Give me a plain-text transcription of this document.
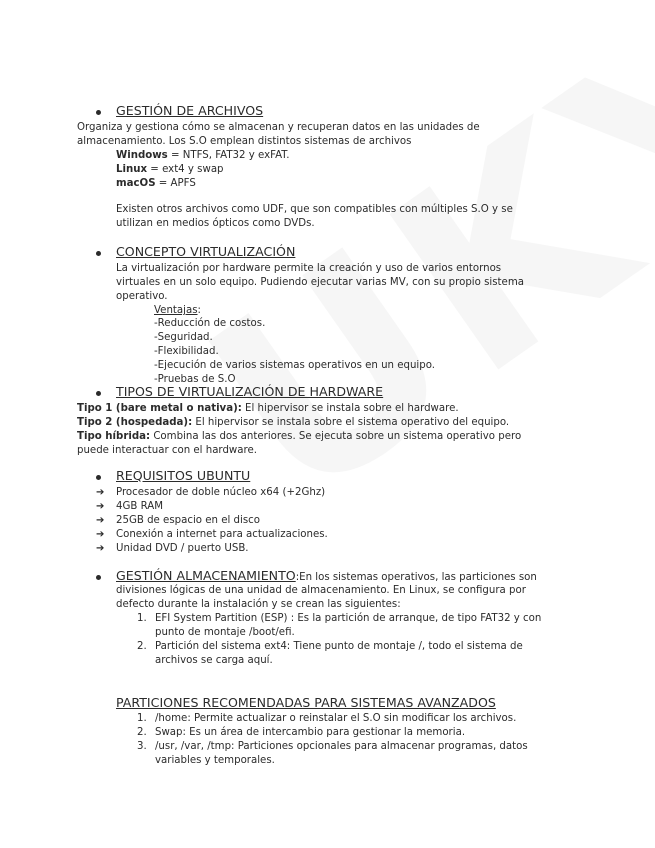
GESTIÓN DE ARCHIVOS
Organiza y gestiona cómo se almacenan y recuperan datos en las unidades de
almacenamiento. Los S.O emplean distintos sistemas de archivos
Windows = NTFS, FAT32 y exFAT.
Linux = ext4 y swap
macOS = APFS
Existen otros archivos como UDF, que son compatibles con múltiples S.O y se
utilizan en medios ópticos como DVDs.
CONCEPTO VIRTUALIZACIÓN
La virtualización por hardware permite la creación y uso de varios entornos
virtuales en un solo equipo. Pudiendo ejecutar varias MV, con su propio sistema
operativo.
Ventajas:
-Reducción de costos.
-Seguridad.
-Flexibilidad.
-Ejecución de varios sistemas operativos en un equipo.
-Pruebas de S.O
TIPOS DE VIRTUALIZACIÓN DE HARDWARE
Tipo 1 (bare metal o nativa): El hipervisor se instala sobre el hardware.
Tipo 2 (hospedada): El hipervisor se instala sobre el sistema operativo del equipo.
Tipo híbrida: Combina las dos anteriores. Se ejecuta sobre un sistema operativo pero
puede interactuar con el hardware.
REQUISITOS UBUNTU
➔ Procesador de doble núcleo x64 (+2Ghz)
➔ 4GB RAM
➔ 25GB de espacio en el disco
➔ Conexión a internet para actualizaciones.
➔ Unidad DVD / puerto USB.
GESTIÓN ALMACENAMIENTO:En los sistemas operativos, las particiones son
divisiones lógicas de una unidad de almacenamiento. En Linux, se configura por
defecto durante la instalación y se crean las siguientes:
1. EFI System Partition (ESP) : Es la partición de arranque, de tipo FAT32 y con
punto de montaje /boot/efi.
2. Partición del sistema ext4: Tiene punto de montaje /, todo el sistema de
archivos se carga aquí.
PARTICIONES RECOMENDADAS PARA SISTEMAS AVANZADOS
1. /home: Permite actualizar o reinstalar el S.O sin modificar los archivos.
2. Swap: Es un área de intercambio para gestionar la memoria.
3. /usr, /var, /tmp: Particiones opcionales para almacenar programas, datos
variables y temporales.
